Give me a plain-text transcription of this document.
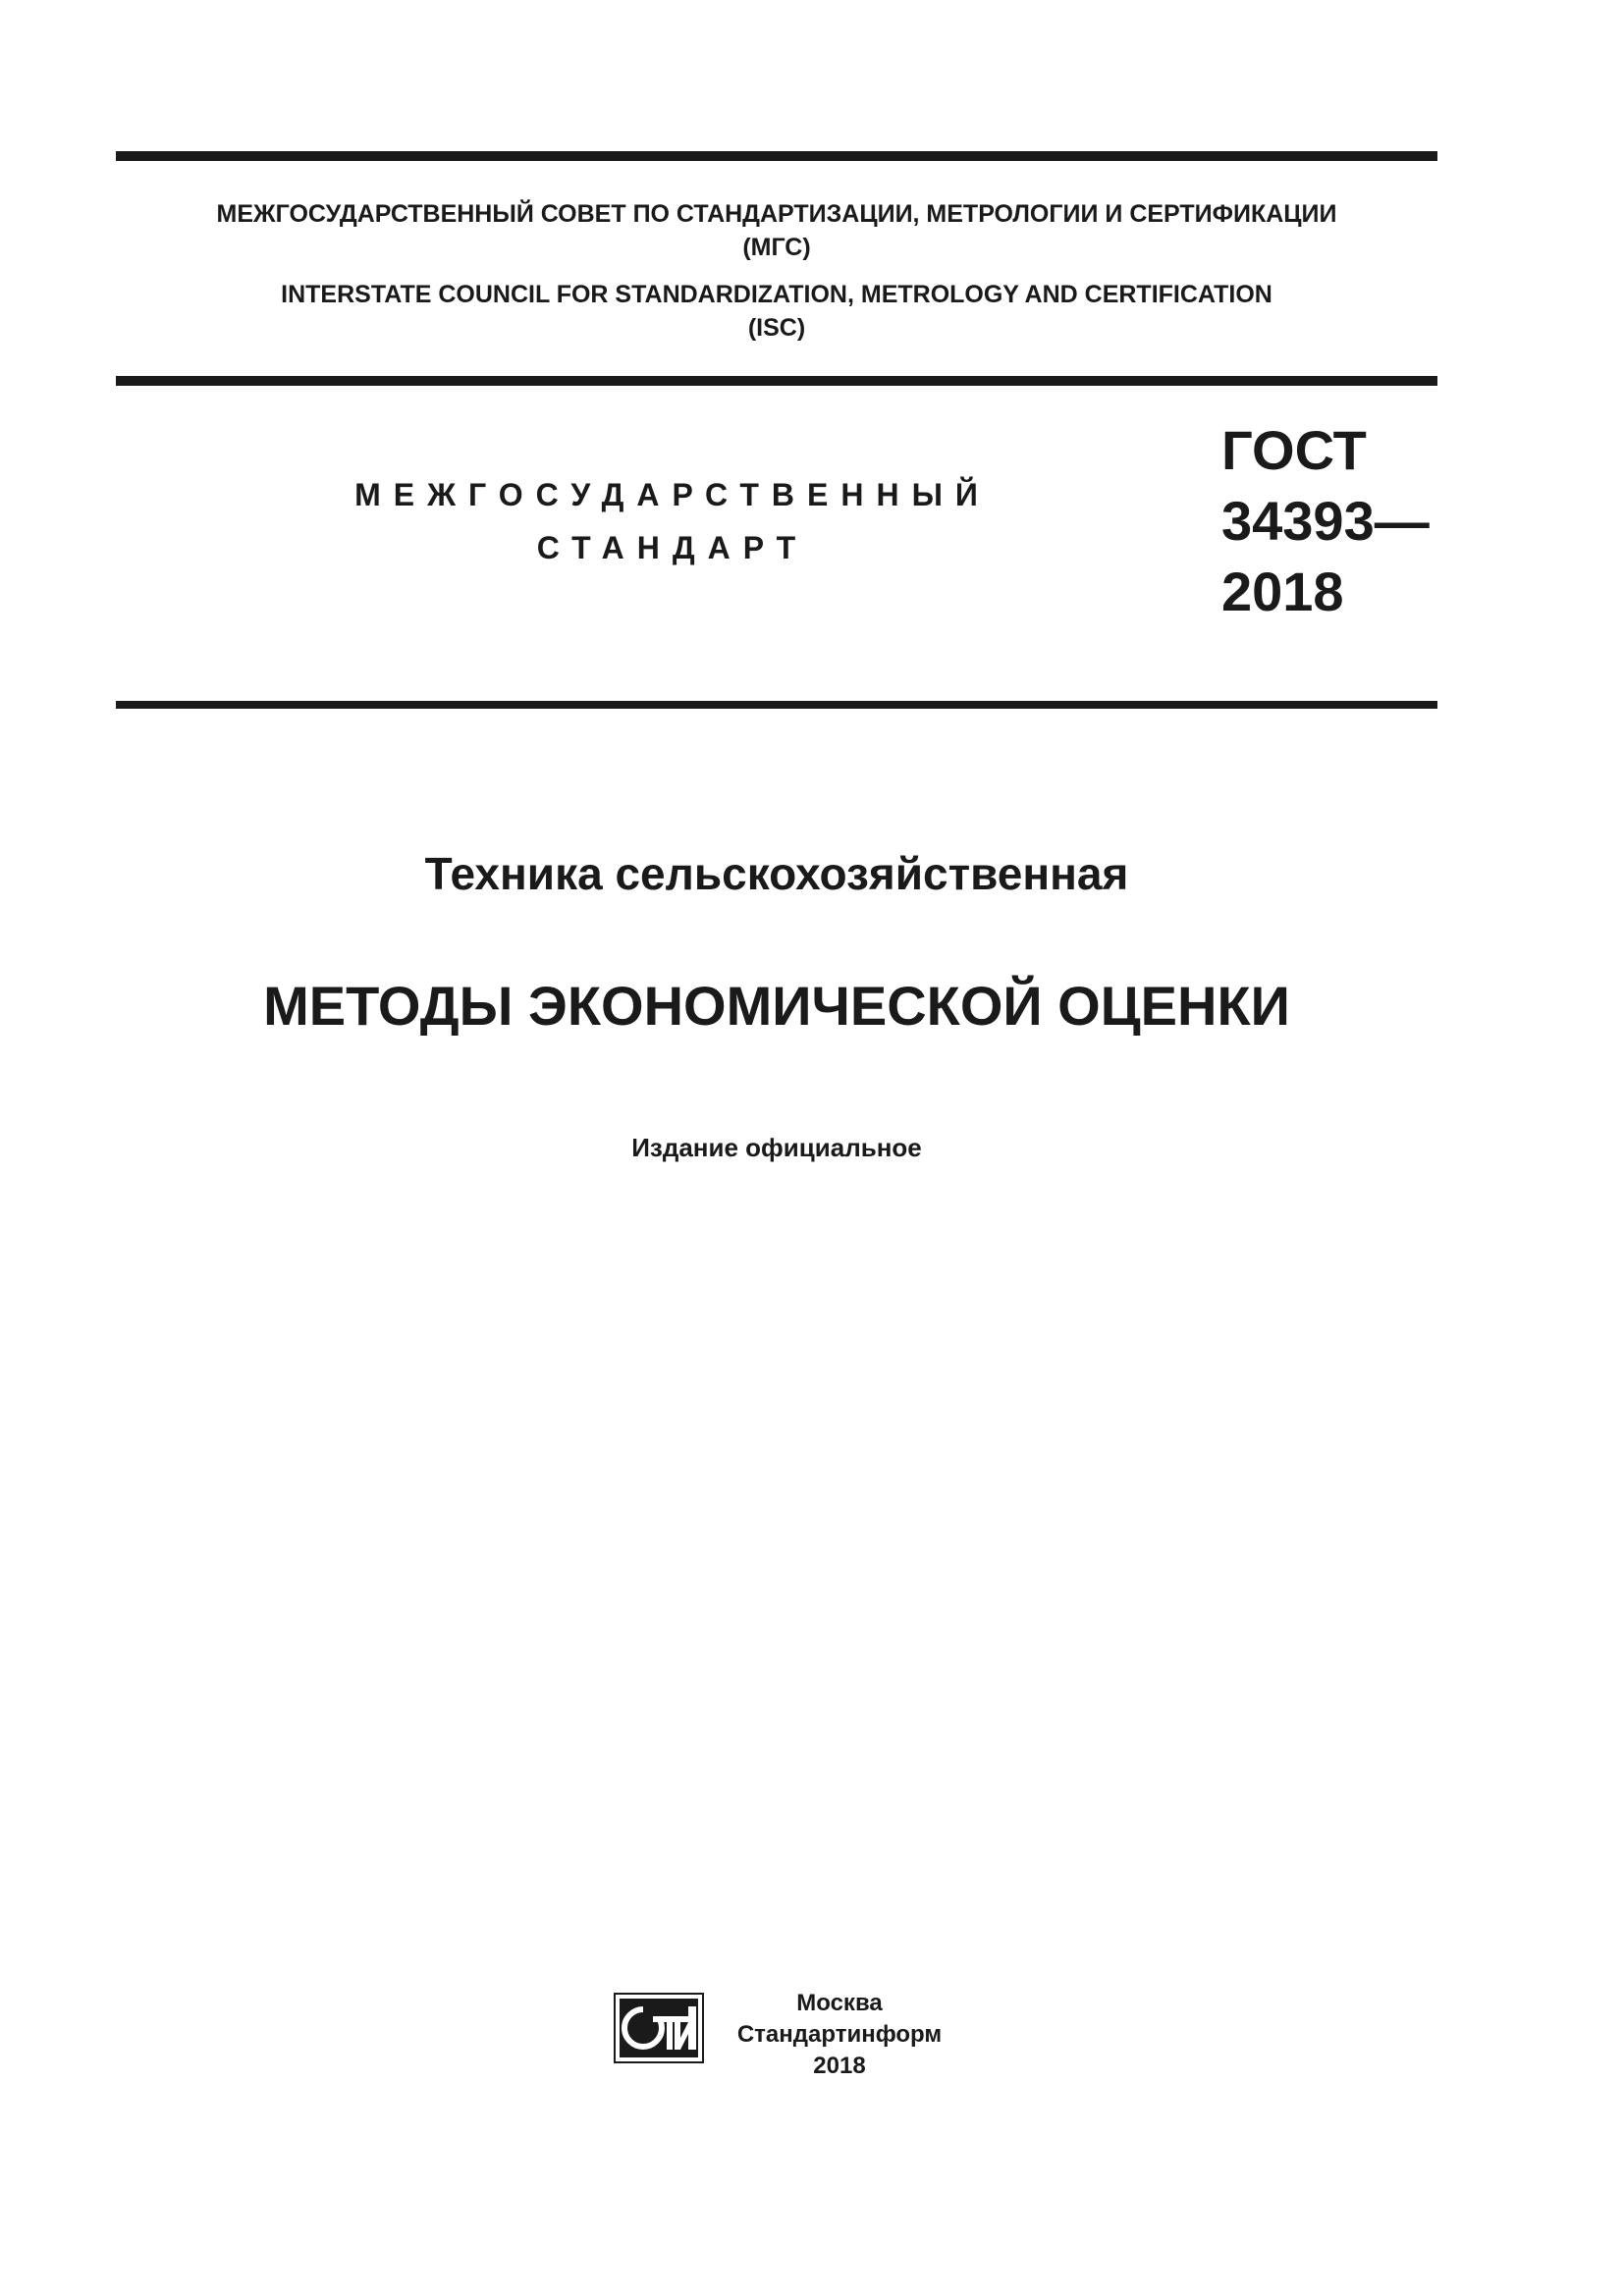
МЕЖГОСУДАРСТВЕННЫЙ СОВЕТ ПО СТАНДАРТИЗАЦИИ, МЕТРОЛОГИИ И СЕРТИФИКАЦИИ
(МГС)
INTERSTATE COUNCIL FOR STANDARDIZATION, METROLOGY AND CERTIFICATION
(ISC)
МЕЖГОСУДАРСТВЕННЫЙ
СТАНДАРТ
ГОСТ
34393—
2018
Техника сельскохозяйственная
МЕТОДЫ ЭКОНОМИЧЕСКОЙ ОЦЕНКИ
Издание официальное
СТИ
Москва
Стандартинформ
2018
